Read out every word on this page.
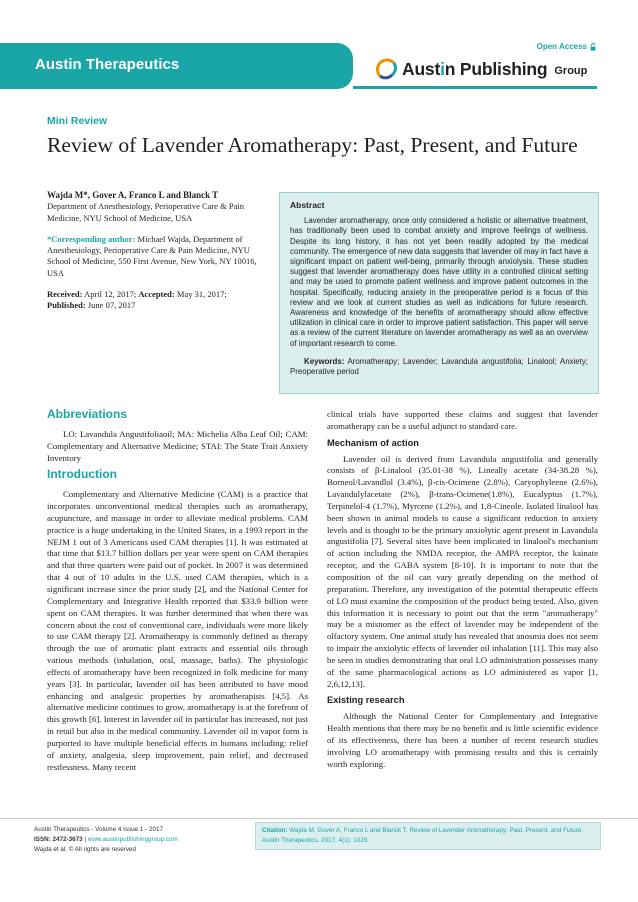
Austin Therapeutics
Open Access
Austin Publishing Group
Mini Review
Review of Lavender Aromatherapy: Past, Present, and Future
Wajda M*, Gover A, Franco L and Blanck T
Department of Anesthesiology, Perioperative Care & Pain Medicine, NYU School of Medicine, USA
*Corresponding author: Michael Wajda, Department of Anesthesiology, Perioperative Care & Pain Medicine, NYU School of Medicine, 550 First Avenue, New York, NY 10016, USA
Received: April 12, 2017; Accepted: May 31, 2017;
Published: June 07, 2017
Abstract

Lavender aromatherapy, once only considered a holistic or alternative treatment, has traditionally been used to combat anxiety and improve feelings of wellness. Despite its long history, it has not yet been readily adopted by the medical community. The emergence of new data suggests that lavender oil may in fact have a significant impact on patient well-being, primarily through anxiolysis. These studies suggest that lavender aromatherapy does have utility in a controlled clinical setting and may be used to promote patient wellness and improve patient outcomes in the hospital. Specifically, reducing anxiety in the preoperative period is a focus of this review and we look at current studies as well as indications for future research. Awareness and knowledge of the benefits of aromatherapy should allow effective utilization in clinical care in order to improve patient satisfaction. This paper will serve as a review of the current literature on lavender aromatherapy as well as an overview of important research to come.

Keywords: Aromatherapy; Lavender; Lavandula angustifolia; Linalool; Anxiety; Preoperative period

Abbreviations

LO: Lavandula Angustifoliaoil; MA: Michelia Alba Leaf Oil; CAM: Complementary and Alternative Medicine; STAI: The State Trait Anxiety Inventory

Introduction

Complementary and Alternative Medicine (CAM) is a practice that incorporates unconventional medical therapies such as aromatherapy, acupuncture, and massage in order to alleviate medical problems. CAM practice is a huge undertaking in the United States, in a 1993 report in the NEJM 1 out of 3 Americans used CAM therapies [1]. It was estimated at that time that $13.7 billion dollars per year were spent on CAM therapies and that three quarters were paid out of pocket. In 2007 it was determined that 4 out of 10 adults in the U.S. used CAM therapies, which is a significant increase since the prior study [2], and the National Center for Complementary and Integrative Health reported that $33.9 billion were spent on CAM therapies. It was further determined that when there was concern about the cost of conventional care, individuals were more likely to use CAM therapy [2]. Aromatherapy is commonly defined as therapy through the use of aromatic plant extracts and essential oils through various methods (inhalation, oral, massage, baths). The physiologic effects of aromatherapy have been recognized in folk medicine for many years [3]. In particular, lavender oil has been attributed to have mood enhancing and analgesic properties by aromatherapists [4,5]. As alternative medicine continues to grow, aromatherapy is at the forefront of this growth [6]. Interest in lavender oil in particular has increased, not just in retail but also in the medical community. Lavender oil in vapor form is purported to have multiple beneficial effects in humans including: relief of anxiety, analgesia, sleep improvement, pain relief, and decreased restlessness. Many recent

clinical trials have supported these claims and suggest that lavender aromatherapy can be a useful adjunct to standard care.

Mechanism of action

Lavender oil is derived from Lavandula angustifolia and generally consists of β-Linalool (35.01-38 %), Lineally acetate (34-38.28 %), Borneol/Lavandlol (3.4%), β-cis-Ocimene (2.8%), Caryophyleene (2.6%), Lavandulylacetate (2%), β-trans-Ocimene(1.8%), Eucalyptus (1.7%), Terpinelol-4 (1.7%), Myrcene (1.2%), and 1,8-Cineole. Isolated linalool has been shown in animal models to cause a significant reduction in anxiety levels and is thought to be the primary anxiolytic agent present in Lavandula angustifolia [7]. Several sites have been implicated in linalool's mechanism of action including the NMDA receptor, the AMPA receptor, the kainate receptor, and the GABA system [8-10]. It is important to note that the composition of the oil can vary greatly depending on the method of preparation. Therefore, any investigation of the potential therapeutic effects of LO must examine the composition of the product being tested. Also, given this information it is necessary to point out that the term "aromatherapy" may be a misnomer as the effect of lavender may be independent of the olfactory system. One animal study has revealed that anosmia does not seem to impair the anxiolytic effects of lavender oil inhalation [11]. This may also be seen in studies demonstrating that oral LO administration possesses many of the same pharmacological actions as LO administered as vapor [1, 2,6,12,13].

Existing research

Although the National Center for Complementary and Integrative Health mentions that there may be no benefit and is little scientific evidence of its effectiveness, there has been a number of recent research studies involving LO aromatherapy with promising results and this is certainly worth exploring.

Austin Therapeutics - Volume 4 Issue 1 - 2017
ISSN: 2472-3673 | www.austinpublishinggroup.com
Wajda et al. © All rights are reserved
Citation: Wajda M, Gover A, Franco L and Blanck T. Review of Lavender Aromatherapy: Past, Present, and Future. Austin Therapeutics. 2017; 4(1): 1029.
